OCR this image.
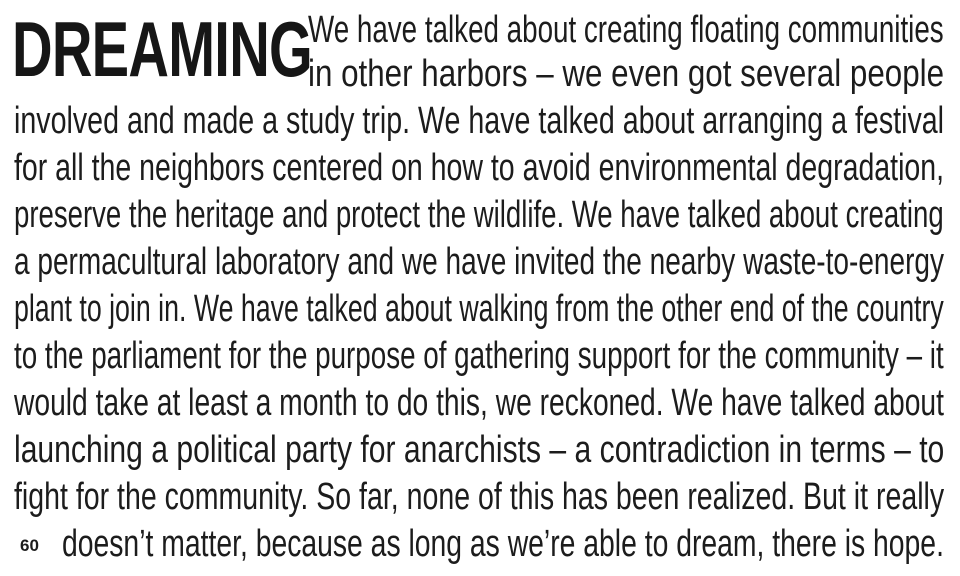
DREAMING
We have talked about creating floating communities
in other harbors – we even got several people
involved and made a study trip. We have talked about arranging a festival
for all the neighbors centered on how to avoid environmental degradation,
preserve the heritage and protect the wildlife. We have talked about creating
a permacultural laboratory and we have invited the nearby waste-to-energy
plant to join in. We have talked about walking from the other end of the country
to the parliament for the purpose of gathering support for the community – it
would take at least a month to do this, we reckoned. We have talked about
launching a political party for anarchists – a contradiction in terms – to
fight for the community. So far, none of this has been realized. But it really
doesn’t matter, because as long as we’re able to dream, there is hope.
60
